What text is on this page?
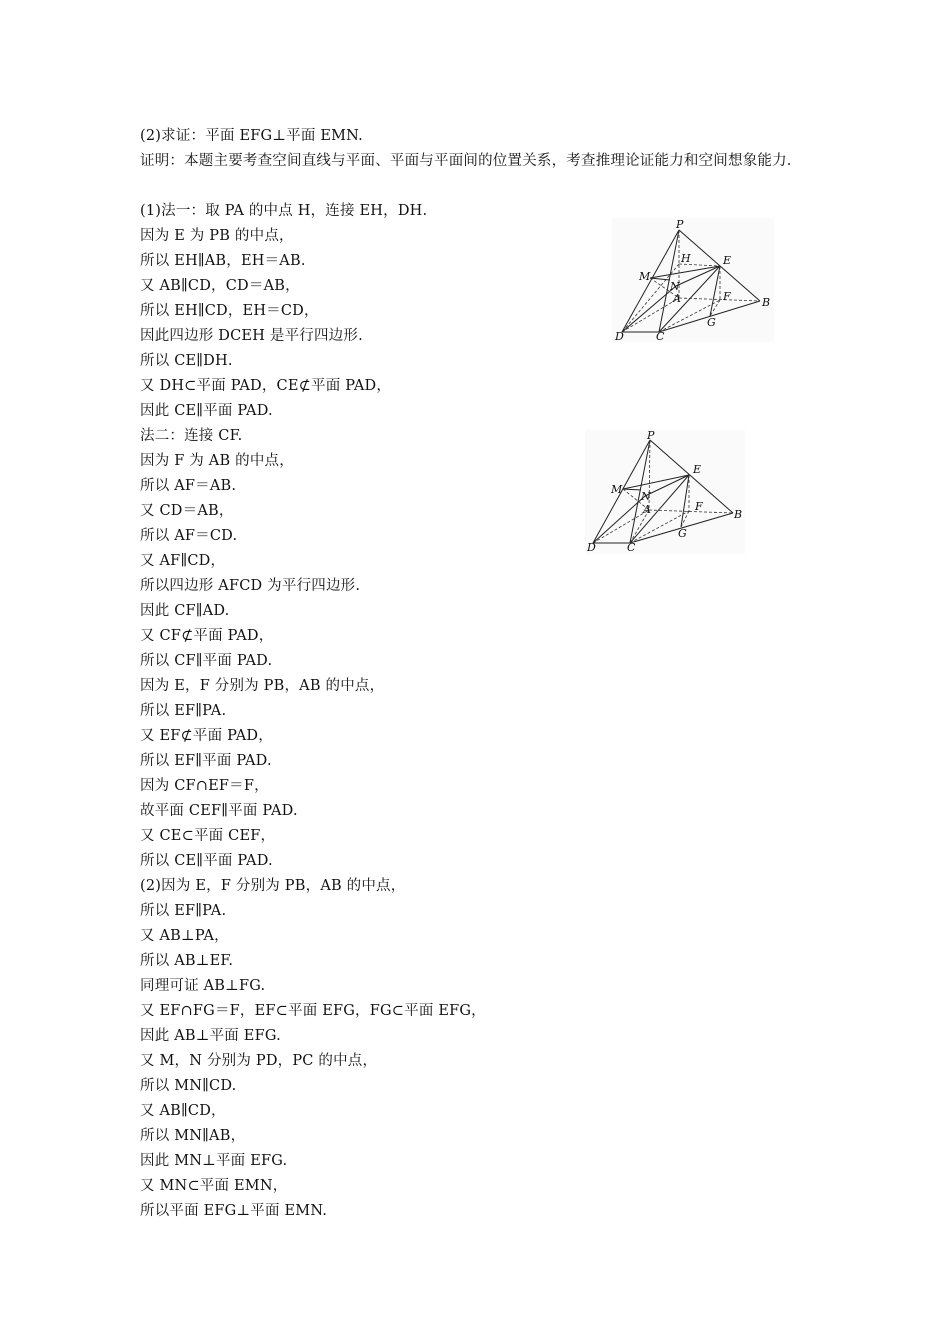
(2)求证：平面 EFG⊥平面 EMN.
证明：本题主要考查空间直线与平面、平面与平面间的位置关系，考查推理论证能力和空间想象能力.
(1)法一：取 PA 的中点 H，连接 EH，DH.
因为 E 为 PB 的中点，
所以 EH∥AB，EH＝AB.
又 AB∥CD，CD＝AB，
所以 EH∥CD，EH＝CD，
因此四边形 DCEH 是平行四边形.
所以 CE∥DH.
又 DH⊂平面 PAD，CE⊄平面 PAD，
因此 CE∥平面 PAD.
法二：连接 CF.
因为 F 为 AB 的中点，
所以 AF＝AB.
又 CD＝AB，
所以 AF＝CD.
又 AF∥CD，
所以四边形 AFCD 为平行四边形.
因此 CF∥AD.
又 CF⊄平面 PAD，
所以 CF∥平面 PAD.
因为 E，F 分别为 PB，AB 的中点，
所以 EF∥PA.
又 EF⊄平面 PAD，
所以 EF∥平面 PAD.
因为 CF∩EF＝F，
故平面 CEF∥平面 PAD.
又 CE⊂平面 CEF，
所以 CE∥平面 PAD.
(2)因为 E，F 分别为 PB，AB 的中点，
所以 EF∥PA.
又 AB⊥PA，
所以 AB⊥EF.
同理可证 AB⊥FG.
又 EF∩FG＝F，EF⊂平面 EFG，FG⊂平面 EFG，
因此 AB⊥平面 EFG.
又 M，N 分别为 PD，PC 的中点，
所以 MN∥CD.
又 AB∥CD，
所以 MN∥AB，
因此 MN⊥平面 EFG.
又 MN⊂平面 EMN，
所以平面 EFG⊥平面 EMN.
P
H	E
M
N
A	F	B
D	C
G
P
E
M
N
A	F
B
D	C
G
